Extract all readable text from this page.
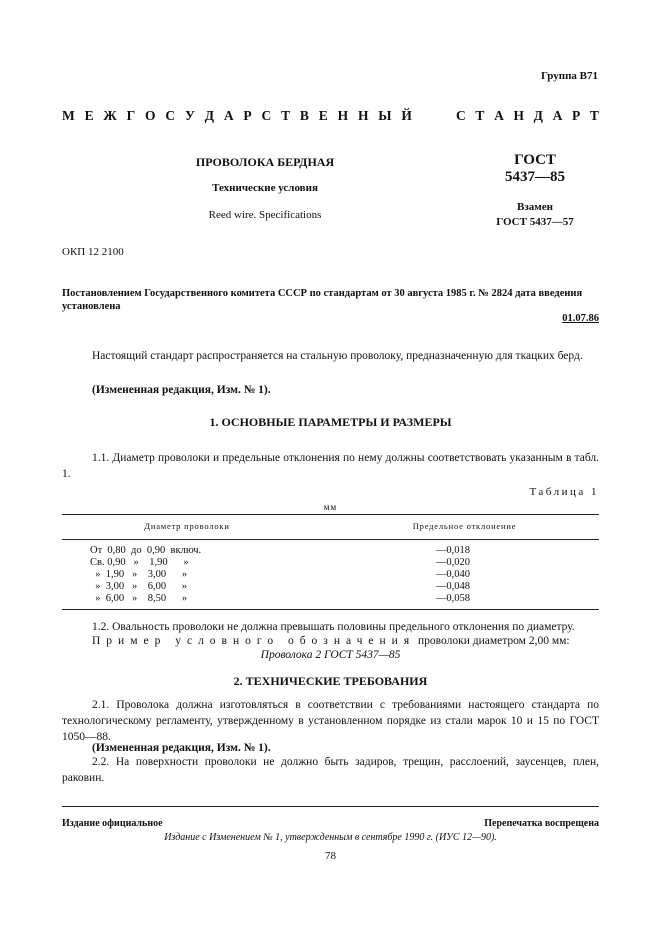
Группа В71
М Е Ж Г О С У Д А Р С Т В Е Н Н Ы Й	С Т А Н Д А Р Т
ПРОВОЛОКА БЕРДНАЯ
Технические условия
Reed wire. Specifications
ГОСТ
5437—85
Взамен
ГОСТ 5437—57
ОКП 12 2100
Постановлением Государственного комитета СССР по стандартам от 30 августа 1985 г. № 2824 дата введения установлена
01.07.86
Настоящий стандарт распространяется на стальную проволоку, предназначенную для ткацких берд.
(Измененная редакция, Изм. № 1).
1. ОСНОВНЫЕ ПАРАМЕТРЫ И РАЗМЕРЫ
1.1. Диаметр проволоки и предельные отклонения по нему должны соответствовать указанным в табл. 1.
Таблица 1
мм
Диаметр проволоки	Предельное отклонение
От  0,80  до  0,90  включ.	—0,018
Св. 0,90   »    1,90      »	—0,020
»  1,90   »    3,00      »	—0,040
»  3,00   »    6,00      »	—0,048
»  6,00   »    8,50      »	—0,058
1.2. Овальность проволоки не должна превышать половины предельного отклонения по диаметру.
Пример условного обозначения проволоки диаметром 2,00 мм:
Проволока 2 ГОСТ 5437—85
2. ТЕХНИЧЕСКИЕ ТРЕБОВАНИЯ
2.1. Проволока должна изготовляться в соответствии с требованиями настоящего стандарта по технологическому регламенту, утвержденному в установленном порядке из стали марок 10 и 15 по ГОСТ 1050—88.
(Измененная редакция, Изм. № 1).
2.2. На поверхности проволоки не должно быть задиров, трещин, расслоений, заусенцев, плен, раковин.
Издание официальное	Перепечатка воспрещена
Издание с Изменением № 1, утвержденным в сентябре 1990 г. (ИУС 12—90).
78
